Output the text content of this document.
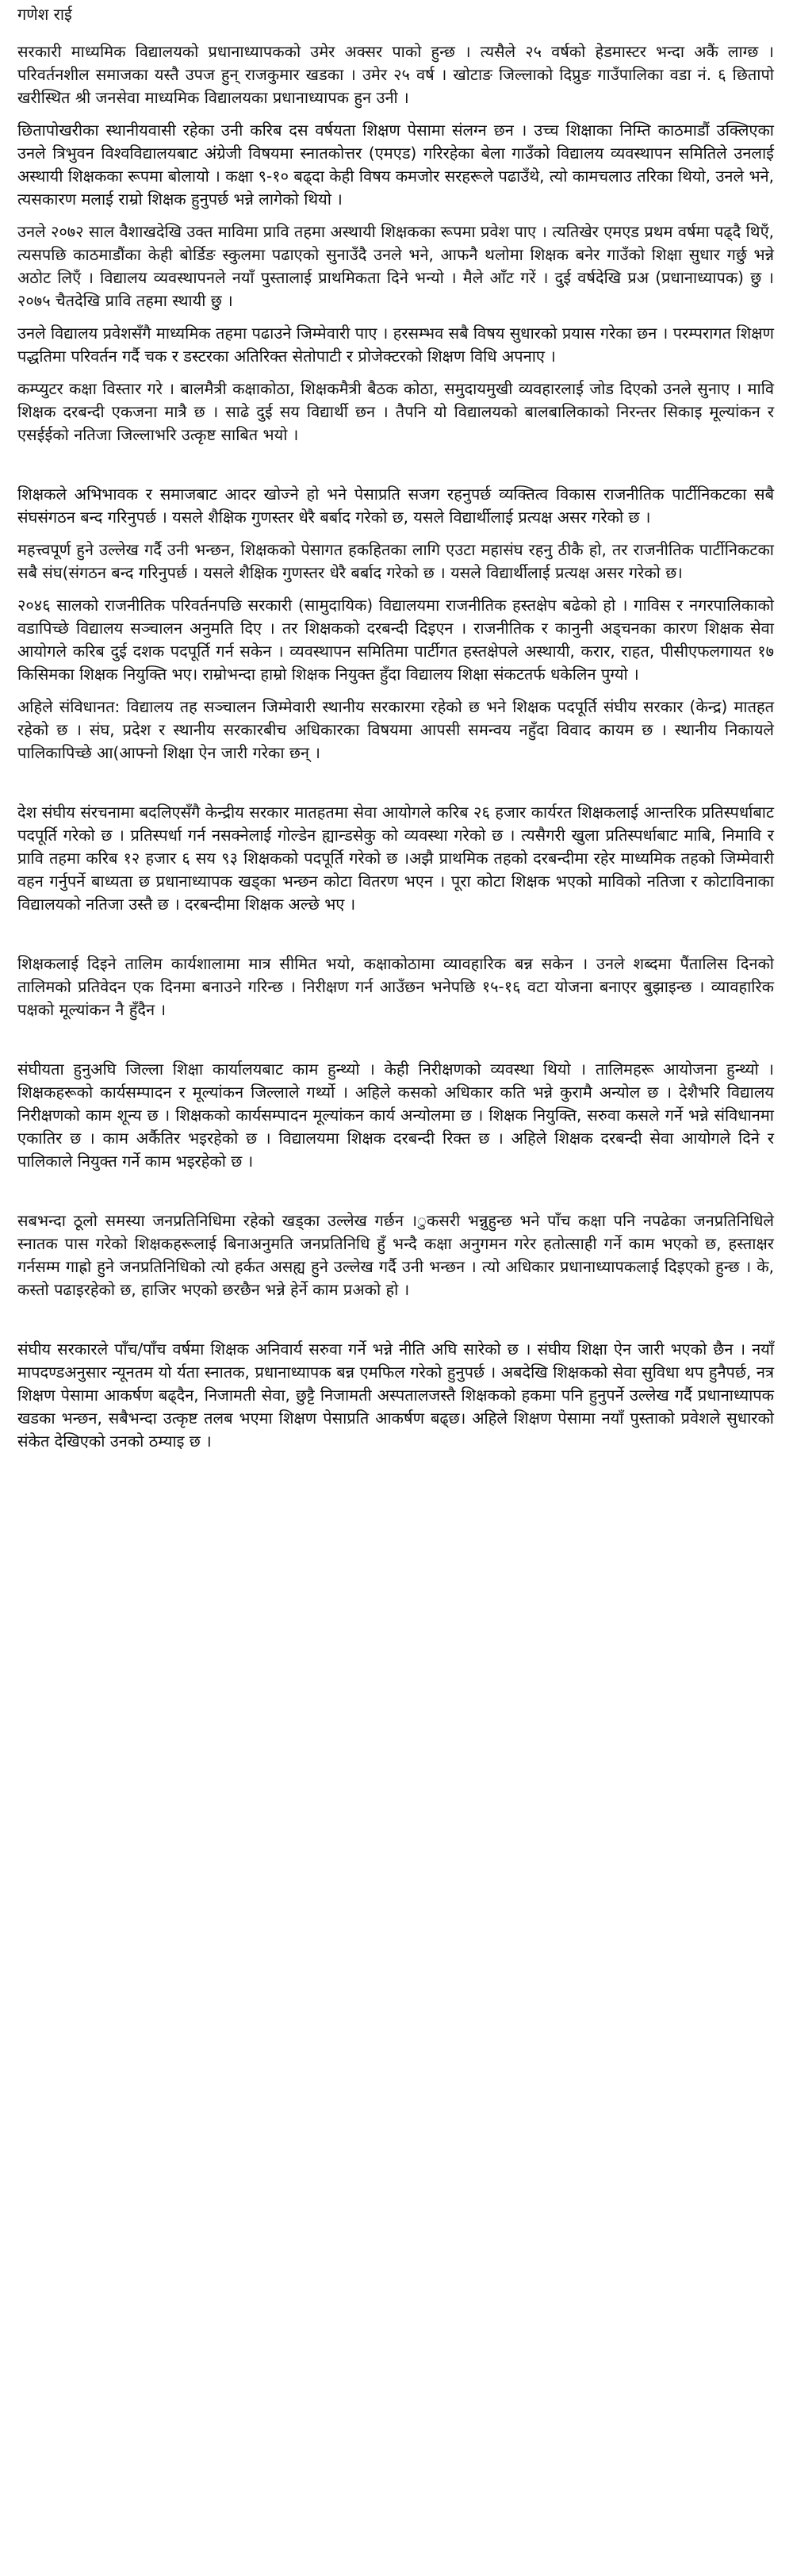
गणेश राई

सरकारी माध्यमिक विद्यालयको प्रधानाध्यापकको उमेर अक्सर पाको हुन्छ । त्यसैले २५ वर्षको हेडमास्टर भन्दा अकैं लाग्छ । परिवर्तनशील समाजका यस्तै उपज हुन् राजकुमार खडका । उमेर २५ वर्ष । खोटाङ जिल्लाको दिप्रुङ गाउँपालिका वडा नं. ६ छितापो खरीस्थित श्री जनसेवा माध्यमिक विद्यालयका प्रधानाध्यापक हुन उनी ।

छितापोखरीका स्थानीयवासी रहेका उनी करिब दस वर्षयता शिक्षण पेसामा संलग्न छन । उच्च शिक्षाका निम्ति काठमाडौं उक्लिएका उनले त्रिभुवन विश्वविद्यालयबाट अंग्रेजी विषयमा स्नातकोत्तर (एमएड) गरिरहेका बेला गाउँको विद्यालय व्यवस्थापन समितिले उनलाई अस्थायी शिक्षकका रूपमा बोलायो । कक्षा ९-१० बढ्दा केही विषय कमजोर सरहरूले पढाउँथे, त्यो कामचलाउ तरिका थियो, उनले भने, त्यसकारण मलाई राम्रो शिक्षक हुनुपर्छ भन्ने लागेको थियो ।

उनले २०७२ साल वैशाखदेखि उक्त माविमा प्रावि तहमा अस्थायी शिक्षकका रूपमा प्रवेश पाए । त्यतिखेर एमएड प्रथम वर्षमा पढ्दै थिएँ, त्यसपछि काठमाडौंका केही बोर्डिङ स्कुलमा पढाएको सुनाउँदै उनले भने, आफनै थलोमा शिक्षक बनेर गाउँको शिक्षा सुधार गर्छु भन्ने अठोट लिएँ । विद्यालय व्यवस्थापनले नयाँ पुस्तालाई प्राथमिकता दिने भन्यो । मैले आँट गरें । दुई वर्षदेखि प्रअ (प्रधानाध्यापक) छु । २०७५ चैतदेखि प्रावि तहमा स्थायी छु ।

उनले विद्यालय प्रवेशसँगै माध्यमिक तहमा पढाउने जिम्मेवारी पाए । हरसम्भव सबै विषय सुधारको प्रयास गरेका छन । परम्परागत शिक्षण पद्धतिमा परिवर्तन गर्दै चक र डस्टरका अतिरिक्त सेतोपाटी र प्रोजेक्टरको शिक्षण विधि अपनाए ।

कम्प्युटर कक्षा विस्तार गरे । बालमैत्री कक्षाकोठा, शिक्षकमैत्री बैठक कोठा, समुदायमुखी व्यवहारलाई जोड दिएको उनले सुनाए । मावि शिक्षक दरबन्दी एकजना मात्रै छ । साढे दुई सय विद्यार्थी छन । तैपनि यो विद्यालयको बालबालिकाको निरन्तर सिकाइ मूल्यांकन र एसईईको नतिजा जिल्लाभरि उत्कृष्ट साबित भयो ।

शिक्षकले अभिभावक र समाजबाट आदर खोज्ने हो भने पेसाप्रति सजग रहनुपर्छ व्यक्तित्व विकास राजनीतिक पार्टीनिकटका सबै संघसंगठन बन्द गरिनुपर्छ । यसले शैक्षिक गुणस्तर धेरै बर्बाद गरेको छ, यसले विद्यार्थीलाई प्रत्यक्ष असर गरेको छ ।

महत्त्वपूर्ण हुने उल्लेख गर्दै उनी भन्छन, शिक्षकको पेसागत हकहितका लागि एउटा महासंघ रहनु ठीकै हो, तर राजनीतिक पार्टीनिकटका सबै संघ(संगठन बन्द गरिनुपर्छ । यसले शैक्षिक गुणस्तर धेरै बर्बाद गरेको छ । यसले विद्यार्थीलाई प्रत्यक्ष असर गरेको छ।

२०४६ सालको राजनीतिक परिवर्तनपछि सरकारी (सामुदायिक) विद्यालयमा राजनीतिक हस्तक्षेप बढेको हो । गाविस र नगरपालिकाको वडापिच्छे विद्यालय सञ्चालन अनुमति दिए । तर शिक्षकको दरबन्दी दिइएन । राजनीतिक र कानुनी अड्चनका कारण शिक्षक सेवा आयोगले करिब दुई दशक पदपूर्ति गर्न सकेन । व्यवस्थापन समितिमा पार्टीगत हस्तक्षेपले अस्थायी, करार, राहत, पीसीएफलगायत १७ किसिमका शिक्षक नियुक्ति भए। राम्रोभन्दा हाम्रो शिक्षक नियुक्त हुँदा विद्यालय शिक्षा संकटतर्फ धकेलिन पुग्यो ।

अहिले संविधानत: विद्यालय तह सञ्चालन जिम्मेवारी स्थानीय सरकारमा रहेको छ भने शिक्षक पदपूर्ति संघीय सरकार (केन्द्र) मातहत रहेको छ । संघ, प्रदेश र स्थानीय सरकारबीच अधिकारका विषयमा आपसी समन्वय नहुँदा विवाद कायम छ । स्थानीय निकायले पालिकापिच्छे आ(आफ्नो शिक्षा ऐन जारी गरेका छन् ।

देश संघीय संरचनामा बदलिएसँगै केन्द्रीय सरकार मातहतमा सेवा आयोगले करिब २६ हजार कार्यरत शिक्षकलाई आन्तरिक प्रतिस्पर्धाबाट पदपूर्ति गरेको छ । प्रतिस्पर्धा गर्न नसक्नेलाई गोल्डेन ह्यान्डसेकु को व्यवस्था गरेको छ । त्यसैगरी खुला प्रतिस्पर्धाबाट माबि, निमावि र प्रावि तहमा करिब १२ हजार ६ सय ९३ शिक्षकको पदपूर्ति गरेको छ ।अझै प्राथमिक तहको दरबन्दीमा रहेर माध्यमिक तहको जिम्मेवारी वहन गर्नुपर्ने बाध्यता छ प्रधानाध्यापक खड्का भन्छन कोटा वितरण भएन । पूरा कोटा शिक्षक भएको माविको नतिजा र कोटाविनाका विद्यालयको नतिजा उस्तै छ । दरबन्दीमा शिक्षक अल्छे भए ।

शिक्षकलाई दिइने तालिम कार्यशालामा मात्र सीमित भयो, कक्षाकोठामा व्यावहारिक बन्न सकेन । उनले शब्दमा पैंतालिस दिनको तालिमको प्रतिवेदन एक दिनमा बनाउने गरिन्छ । निरीक्षण गर्न आउँछन भनेपछि १५-१६ वटा योजना बनाएर बुझाइन्छ । व्यावहारिक पक्षको मूल्यांकन नै हुँदैन ।

संघीयता हुनुअघि जिल्ला शिक्षा कार्यालयबाट काम हुन्थ्यो । केही निरीक्षणको व्यवस्था थियो । तालिमहरू आयोजना हुन्थ्यो । शिक्षकहरूको कार्यसम्पादन र मूल्यांकन जिल्लाले गर्थ्यो । अहिले कसको अधिकार कति भन्ने कुरामै अन्योल छ । देशैभरि विद्यालय निरीक्षणको काम शून्य छ । शिक्षकको कार्यसम्पादन मूल्यांकन कार्य अन्योलमा छ । शिक्षक नियुक्ति, सरुवा कसले गर्ने भन्ने संविधानमा एकातिर छ । काम अर्कैतिर भइरहेको छ । विद्यालयमा शिक्षक दरबन्दी रिक्त छ । अहिले शिक्षक दरबन्दी सेवा आयोगले दिने र पालिकाले नियुक्त गर्ने काम भइरहेको छ ।

सबभन्दा ठूलो समस्या जनप्रतिनिधिमा रहेको खड्का उल्लेख गर्छन ।ुकसरी भन्नुहुन्छ भने पाँच कक्षा पनि नपढेका जनप्रतिनिधिले स्नातक पास गरेको शिक्षकहरूलाई बिनाअनुमति जनप्रतिनिधि हुँ भन्दै कक्षा अनुगमन गरेर हतोत्साही गर्ने काम भएको छ, हस्ताक्षर गर्नसम्म गाह्रो हुने जनप्रतिनिधिको त्यो हर्कत असह्य हुने उल्लेख गर्दै उनी भन्छन । त्यो अधिकार प्रधानाध्यापकलाई दिइएको हुन्छ । के, कस्तो पढाइरहेको छ, हाजिर भएको छरछैन भन्ने हेर्ने काम प्रअको हो ।

संघीय सरकारले पाँच/पाँच वर्षमा शिक्षक अनिवार्य सरुवा गर्ने भन्ने नीति अघि सारेको छ । संघीय शिक्षा ऐन जारी भएको छैन । नयाँ मापदण्डअनुसार न्यूनतम यो र्यता स्नातक, प्रधानाध्यापक बन्न एमफिल गरेको हुनुपर्छ । अबदेखि शिक्षकको सेवा सुविधा थप हुनैपर्छ, नत्र शिक्षण पेसामा आकर्षण बढ्दैन, निजामती सेवा, छुट्टै निजामती अस्पतालजस्तै शिक्षकको हकमा पनि हुनुपर्ने उल्लेख गर्दै प्रधानाध्यापक खडका भन्छन, सबैभन्दा उत्कृष्ट तलब भएमा शिक्षण पेसाप्रति आकर्षण बढ्छ। अहिले शिक्षण पेसामा नयाँ पुस्ताको प्रवेशले सुधारको संकेत देखिएको उनको ठम्याइ छ ।
